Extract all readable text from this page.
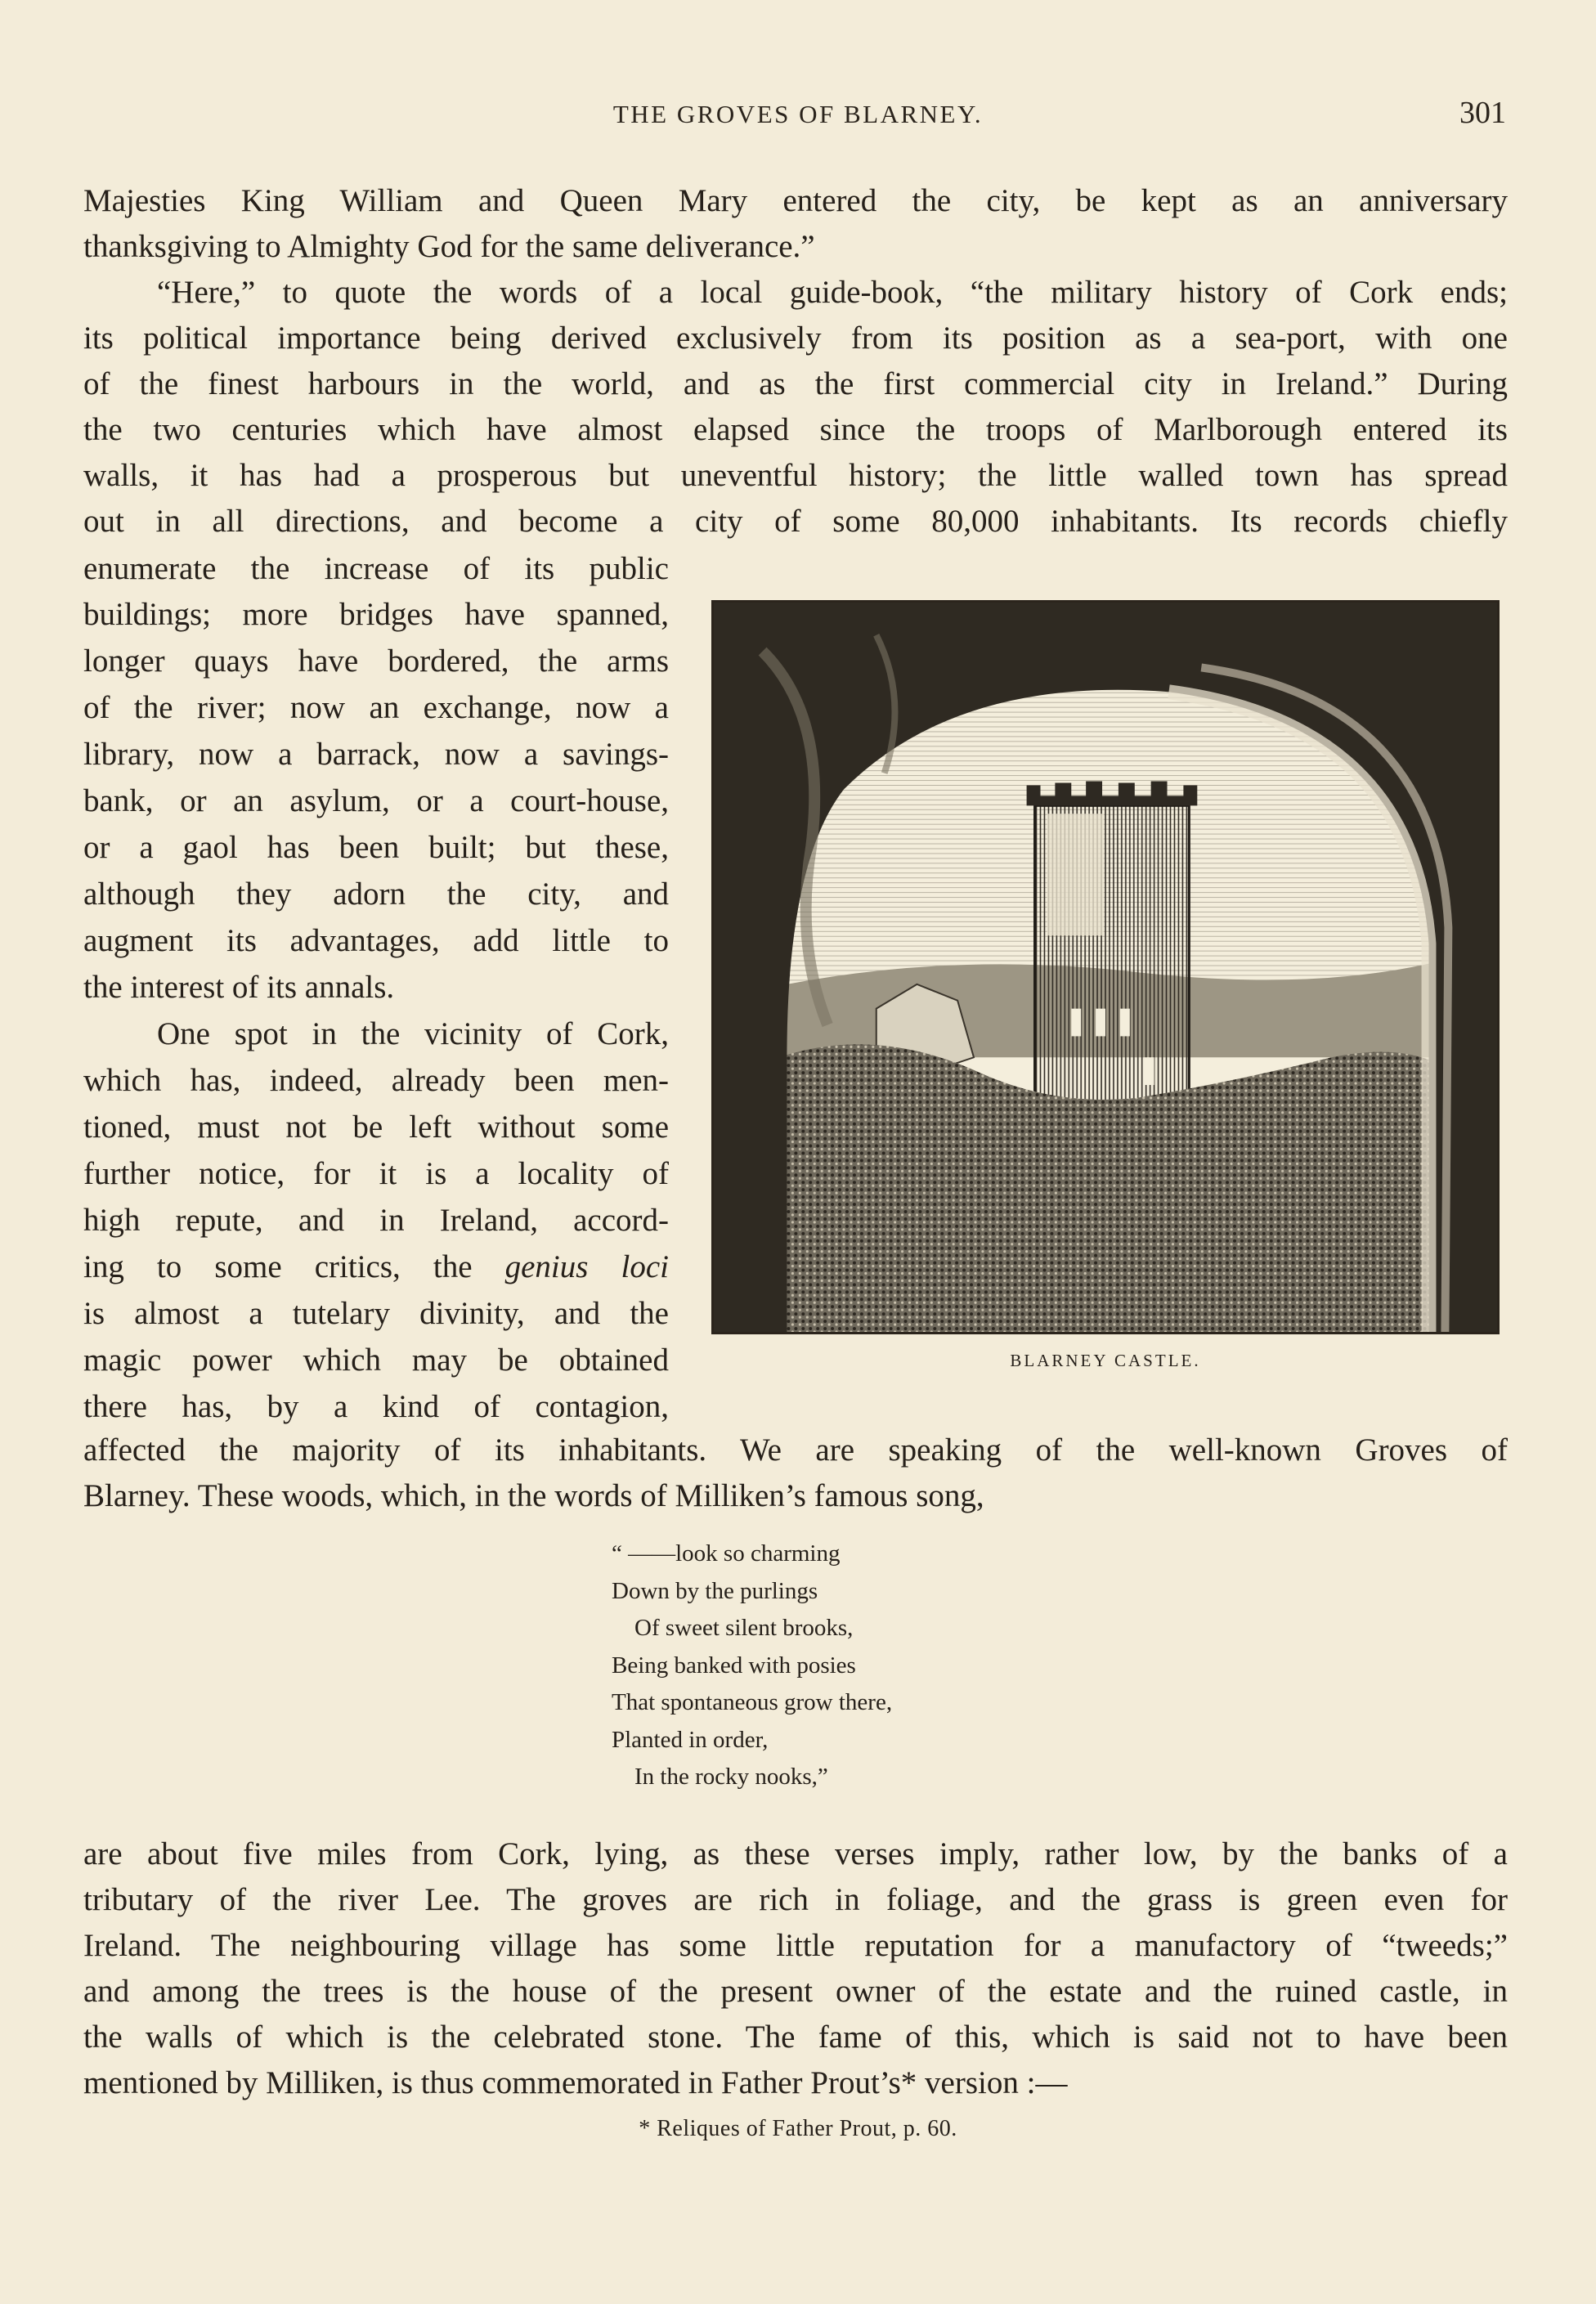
THE GROVES OF BLARNEY.	301
Majesties King William and Queen Mary entered the city, be kept as an anniversary
thanksgiving to Almighty God for the same deliverance.”
“Here,” to quote the words of a local guide-book, “the military history of Cork ends;
its political importance being derived exclusively from its position as a sea-port, with one
of the finest harbours in the world, and as the first commercial city in Ireland.” During
the two centuries which have almost elapsed since the troops of Marlborough entered its
walls, it has had a prosperous but uneventful history; the little walled town has spread
out in all directions, and become a city of some 80,000 inhabitants. Its records chiefly
enumerate the increase of its public
buildings; more bridges have spanned,
longer quays have bordered, the arms
of the river; now an exchange, now a
library, now a barrack, now a savings-
bank, or an asylum, or a court-house,
or a gaol has been built; but these,
although they adorn the city, and
augment its advantages, add little to
the interest of its annals.
One spot in the vicinity of Cork,
which has, indeed, already been men-
tioned, must not be left without some
further notice, for it is a locality of
high repute, and in Ireland, accord-
ing to some critics, the genius loci
is almost a tutelary divinity, and the
magic power which may be obtained
there has, by a kind of contagion,
affected the majority of its inhabitants. We are speaking of the well-known Groves of
Blarney. These woods, which, in the words of Milliken’s famous song,
BLARNEY CASTLE.
“ ——look so charming
Down by the purlings
Of sweet silent brooks,
Being banked with posies
That spontaneous grow there,
Planted in order,
In the rocky nooks,”
are about five miles from Cork, lying, as these verses imply, rather low, by the banks of a
tributary of the river Lee. The groves are rich in foliage, and the grass is green even for
Ireland. The neighbouring village has some little reputation for a manufactory of “tweeds;”
and among the trees is the house of the present owner of the estate and the ruined castle, in
the walls of which is the celebrated stone. The fame of this, which is said not to have been
mentioned by Milliken, is thus commemorated in Father Prout’s* version :—
* Reliques of Father Prout, p. 60.
